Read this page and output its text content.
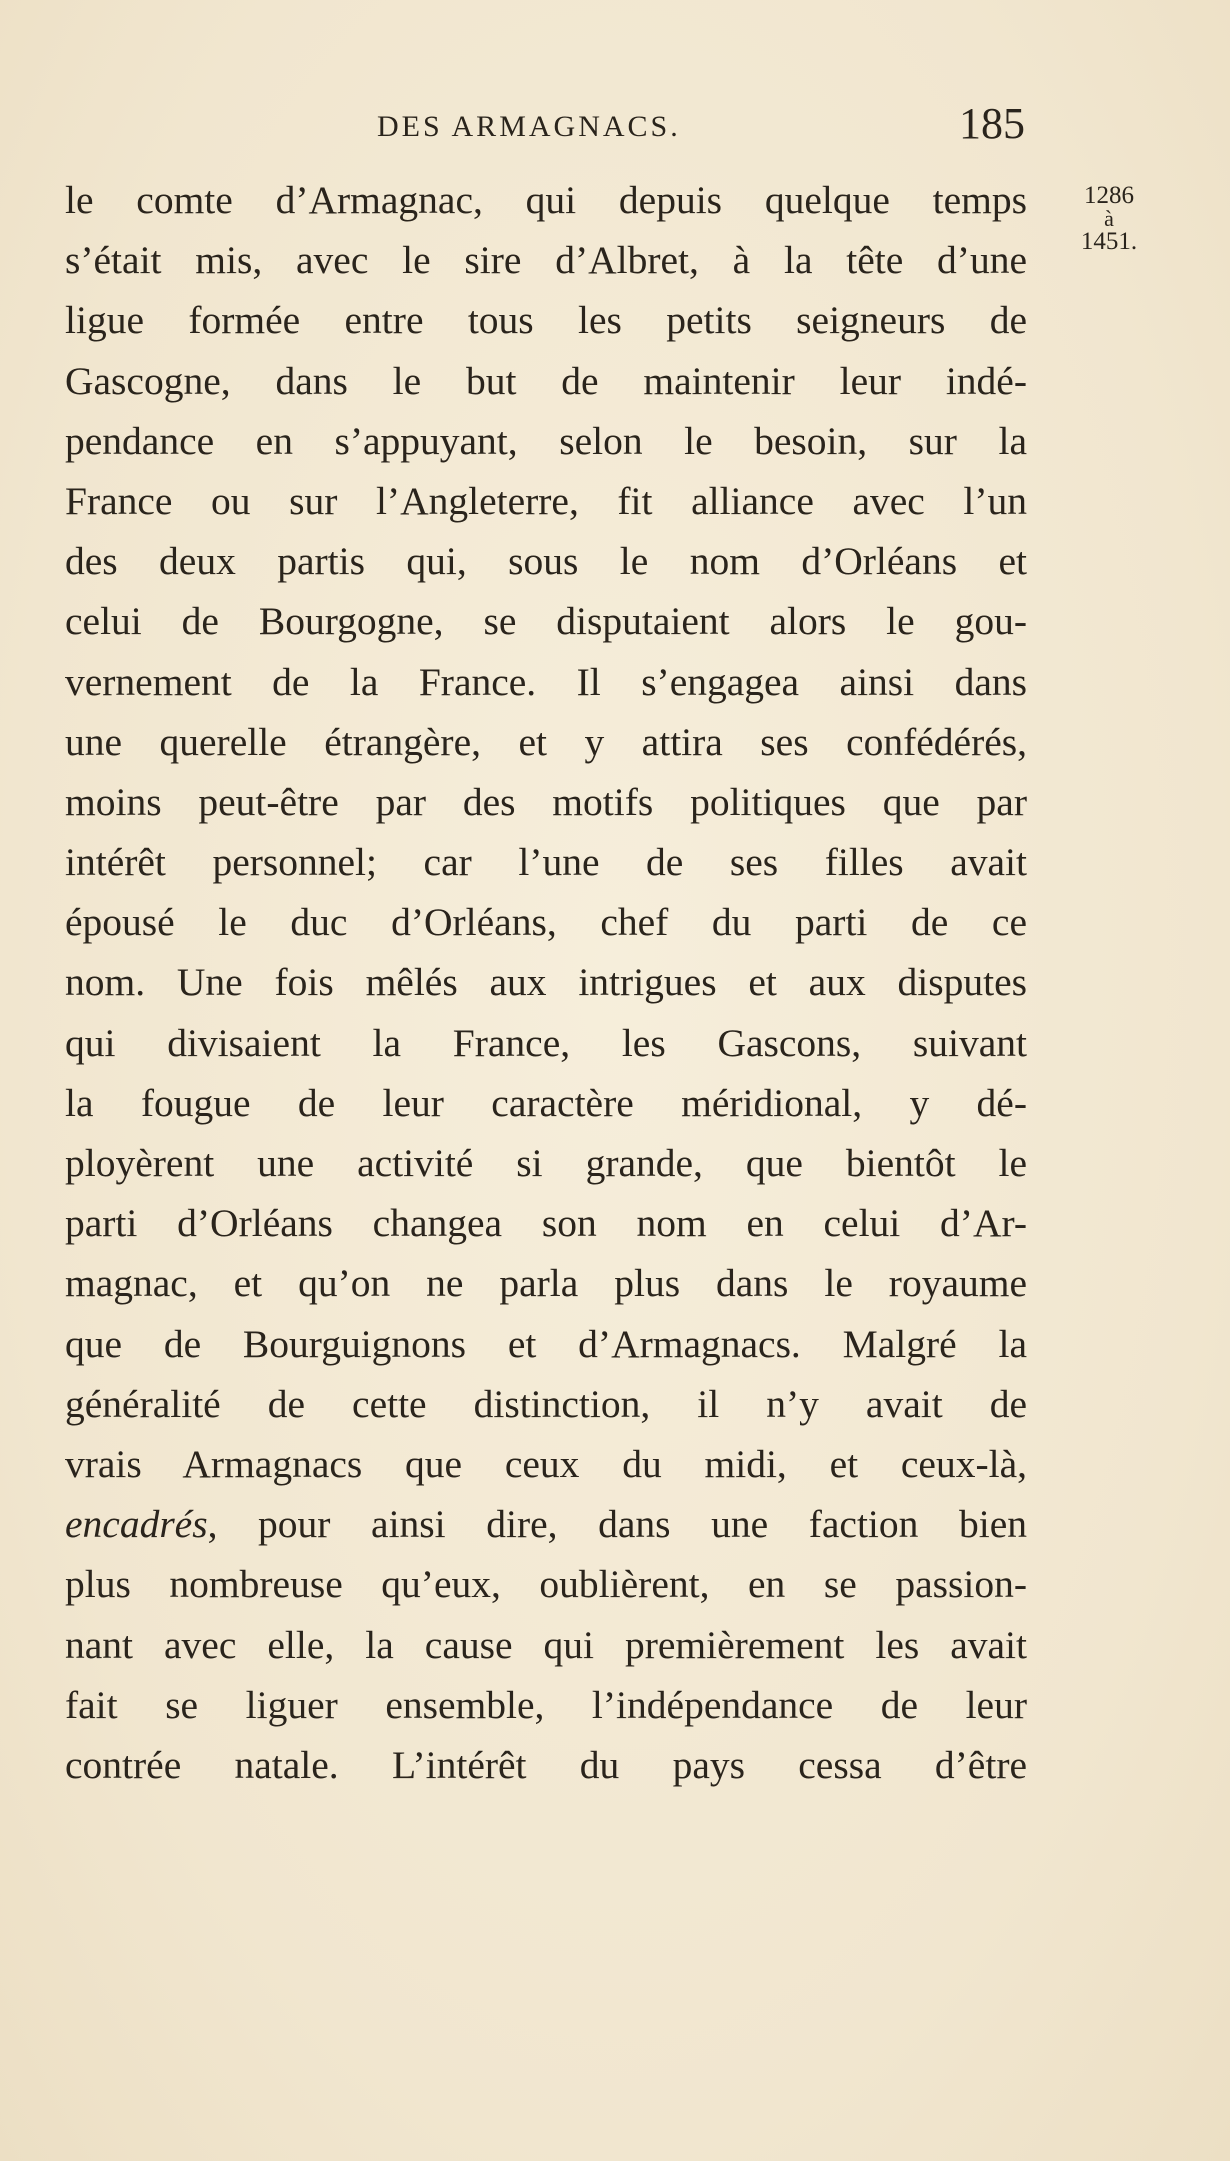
DES ARMAGNACS.	185
1286
à
1451.
le comte d’Armagnac, qui depuis quelque temps
s’était mis, avec le sire d’Albret, à la tête d’une
ligue formée entre tous les petits seigneurs de
Gascogne, dans le but de maintenir leur indé-
pendance en s’appuyant, selon le besoin, sur la
France ou sur l’Angleterre, fit alliance avec l’un
des deux partis qui, sous le nom d’Orléans et
celui de Bourgogne, se disputaient alors le gou-
vernement de la France. Il s’engagea ainsi dans
une querelle étrangère, et y attira ses confédérés,
moins peut-être par des motifs politiques que par
intérêt personnel; car l’une de ses filles avait
épousé le duc d’Orléans, chef du parti de ce
nom. Une fois mêlés aux intrigues et aux disputes
qui divisaient la France, les Gascons, suivant
la fougue de leur caractère méridional, y dé-
ployèrent une activité si grande, que bientôt le
parti d’Orléans changea son nom en celui d’Ar-
magnac, et qu’on ne parla plus dans le royaume
que de Bourguignons et d’Armagnacs. Malgré la
généralité de cette distinction, il n’y avait de
vrais Armagnacs que ceux du midi, et ceux-là,
encadrés, pour ainsi dire, dans une faction bien
plus nombreuse qu’eux, oublièrent, en se passion-
nant avec elle, la cause qui premièrement les avait
fait se liguer ensemble, l’indépendance de leur
contrée natale. L’intérêt du pays cessa d’être
